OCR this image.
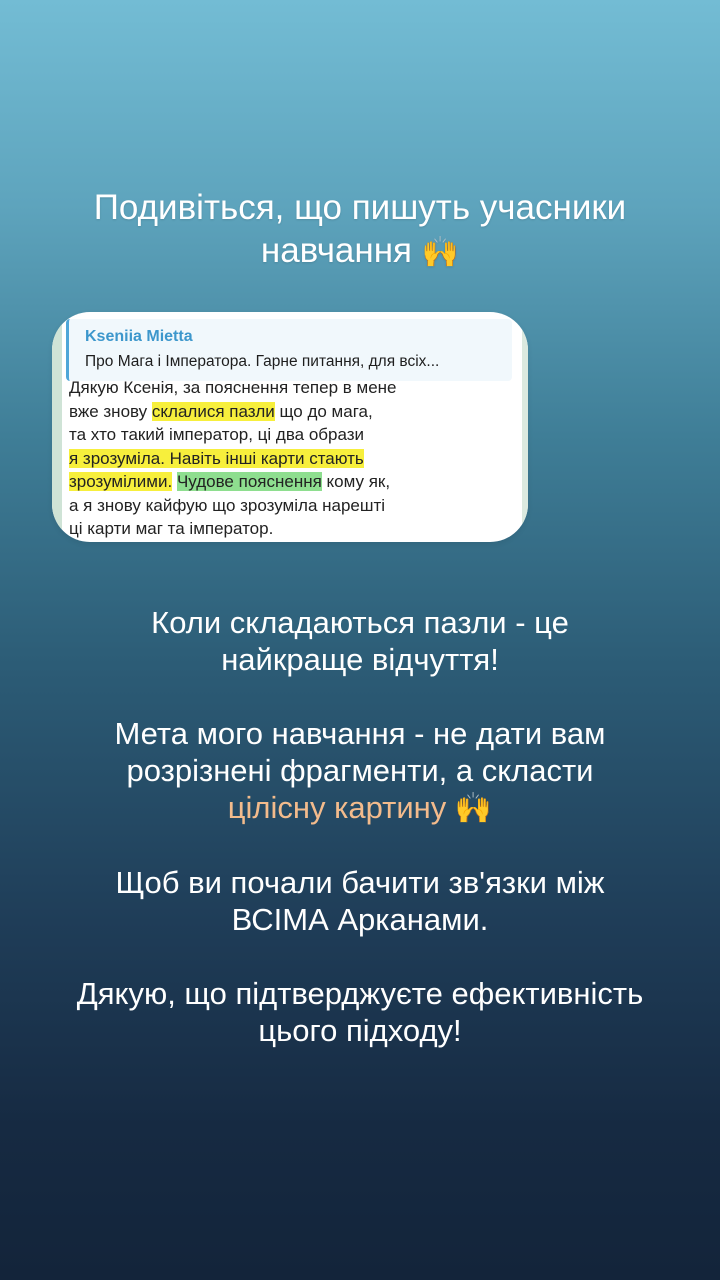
Подивіться, що пишуть учасники
навчання 🙌
Kseniia Mietta
Про Мага і Імператора. Гарне питання, для всіх...
Дякую Ксенія, за пояснення тепер в мене
вже знову склалися пазли що до мага,
та хто такий імператор, ці два образи
я зрозуміла. Навіть інші карти стають
зрозумілими. Чудове пояснення кому як,
а я знову кайфую що зрозуміла нарешті
ці карти маг та імператор.
Коли складаються пазли - це
найкраще відчуття!
Мета мого навчання - не дати вам
розрізнені фрагменти, а скласти
цілісну картину 🙌
Щоб ви почали бачити зв'язки між
ВСІМА Арканами.
Дякую, що підтверджуєте ефективність
цього підходу!
